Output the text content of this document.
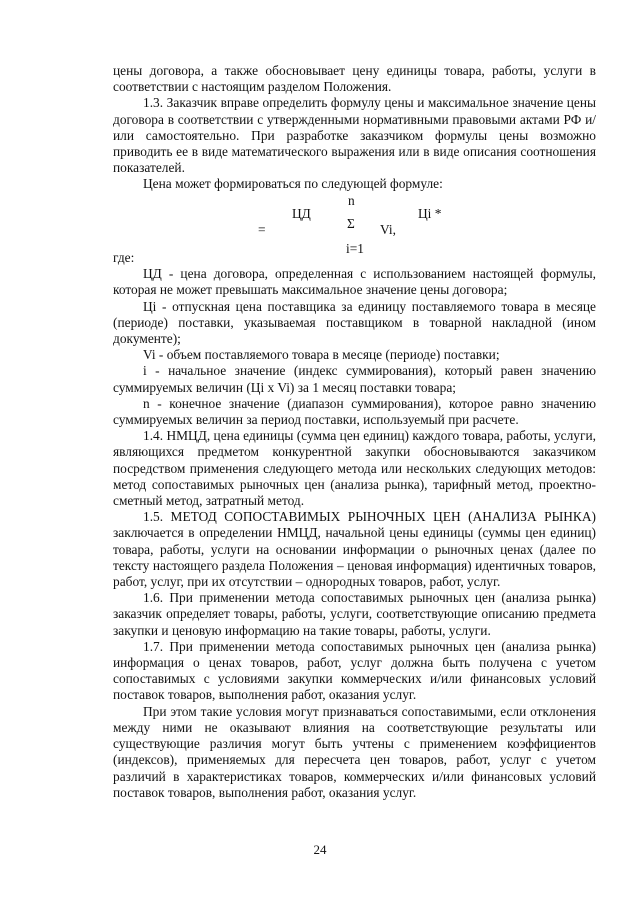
цены договора, а также обосновывает цену единицы товара, работы, услуги в соответствии с настоящим разделом Положения.

1.3. Заказчик вправе определить формулу цены и максимальное значение цены договора в соответствии с утвержденными нормативными правовыми актами РФ и/или самостоятельно. При разработке заказчиком формулы цены возможно приводить ее в виде математического выражения или в виде описания соотношения показателей.

Цена может формироваться по следующей формуле:

n
ЦД	Цi *
Σ
=	Vi,
i=1

где:

ЦД - цена договора, определенная с использованием настоящей формулы, которая не может превышать максимальное значение цены договора;

Цi - отпускная цена поставщика за единицу поставляемого товара в месяце (периоде) поставки, указываемая поставщиком в товарной накладной (ином документе);

Vi - объем поставляемого товара в месяце (периоде) поставки;

i - начальное значение (индекс суммирования), который равен значению суммируемых величин (Цi x Vi) за 1 месяц поставки товара;

n - конечное значение (диапазон суммирования), которое равно значению суммируемых величин за период поставки, используемый при расчете.

1.4. НМЦД, цена единицы (сумма цен единиц) каждого товара, работы, услуги, являющихся предметом конкурентной закупки обосновываются заказчиком посредством применения следующего метода или нескольких следующих методов: метод сопоставимых рыночных цен (анализа рынка), тарифный метод, проектно-сметный метод, затратный метод.

1.5. МЕТОД СОПОСТАВИМЫХ РЫНОЧНЫХ ЦЕН (АНАЛИЗА РЫНКА) заключается в определении НМЦД, начальной цены единицы (суммы цен единиц) товара, работы, услуги на основании информации о рыночных ценах (далее по тексту настоящего раздела Положения – ценовая информация) идентичных товаров, работ, услуг, при их отсутствии – однородных товаров, работ, услуг.

1.6. При применении метода сопоставимых рыночных цен (анализа рынка) заказчик определяет товары, работы, услуги, соответствующие описанию предмета закупки и ценовую информацию на такие товары, работы, услуги.

1.7. При применении метода сопоставимых рыночных цен (анализа рынка) информация о ценах товаров, работ, услуг должна быть получена с учетом сопоставимых с условиями закупки коммерческих и/или финансовых условий поставок товаров, выполнения работ, оказания услуг.

При этом такие условия могут признаваться сопоставимыми, если отклонения между ними не оказывают влияния на соответствующие результаты или существующие различия могут быть учтены с применением коэффициентов (индексов), применяемых для пересчета цен товаров, работ, услуг с учетом различий в характеристиках товаров, коммерческих и/или финансовых условий поставок товаров, выполнения работ, оказания услуг.

24
